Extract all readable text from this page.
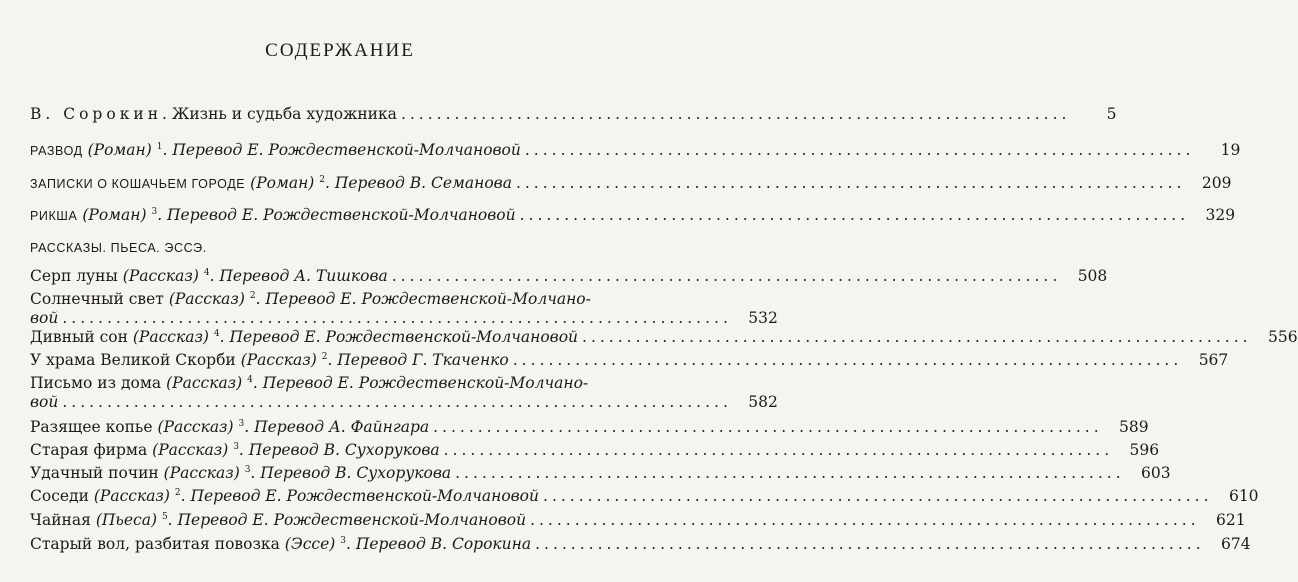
СОДЕРЖАНИЕ
В. Сорокин. Жизнь и судьба художника ...........................................................................	5
РАЗВОД (Роман) $^1$. Перевод Е. Рождественской-Молчановой ...........................................................................	19
ЗАПИСКИ О КОШАЧЬЕМ ГОРОДЕ (Роман) $^2$. Перевод В. Семанова ...........................................................................	209
РИКША (Роман) $^3$. Перевод Е. Рождественской-Молчановой ...........................................................................	329
РАССКАЗЫ. ПЬЕСА. ЭССЭ.
Серп луны (Рассказ) $^4$. Перевод А. Тишкова ...........................................................................	508
Солнечный свет (Рассказ) $^2$. Перевод Е. Рождественской-Молчано-
вой ...........................................................................	532
Дивный сон (Рассказ) $^4$. Перевод Е. Рождественской-Молчановой ...........................................................................	556
У храма Великой Скорби (Рассказ) $^2$. Перевод Г. Ткаченко ...........................................................................	567
Письмо из дома (Рассказ) $^4$. Перевод Е. Рождественской-Молчано-
вой ...........................................................................	582
Разящее копье (Рассказ) $^3$. Перевод А. Файнгара ...........................................................................	589
Старая фирма (Рассказ) $^3$. Перевод В. Сухорукова ...........................................................................	596
Удачный почин (Рассказ) $^3$. Перевод В. Сухорукова ...........................................................................	603
Соседи (Рассказ) $^2$. Перевод Е. Рождественской-Молчановой ...........................................................................	610
Чайная (Пьеса) $^5$. Перевод Е. Рождественской-Молчановой ...........................................................................	621
Старый вол, разбитая повозка (Эссе) $^3$. Перевод В. Сорокина ...........................................................................	674
